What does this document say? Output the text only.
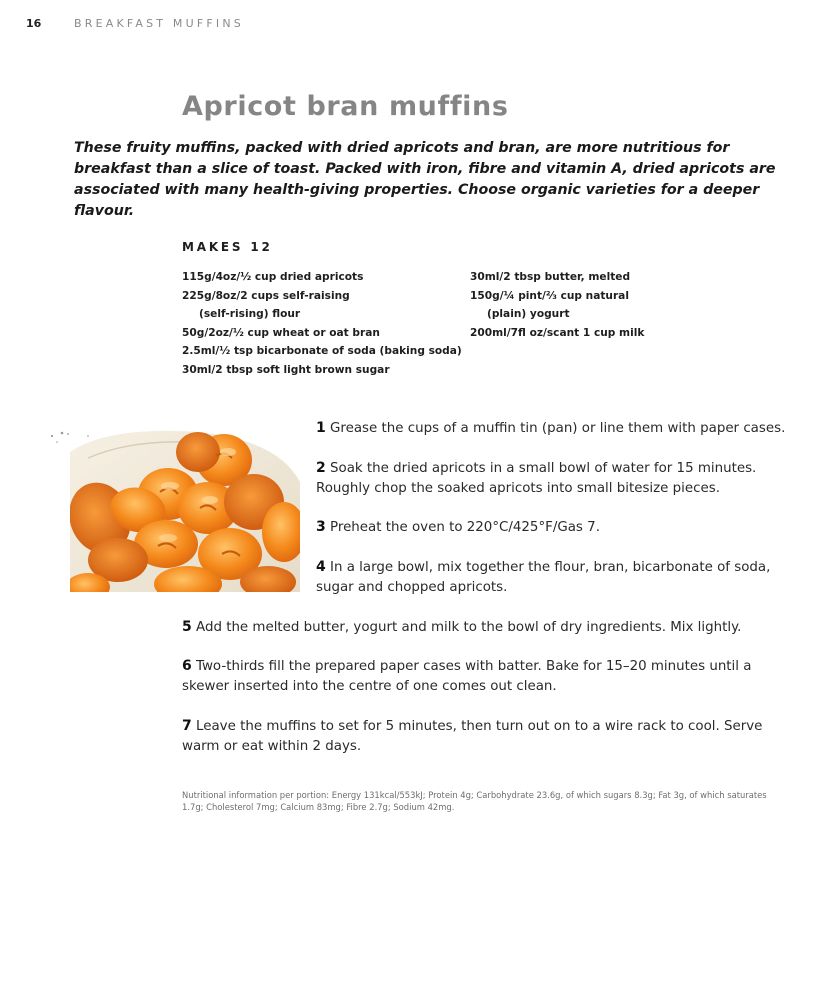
16	BREAKFAST MUFFINS
Apricot bran muffins

These fruity muffins, packed with dried apricots and bran, are more nutritious for breakfast than a slice of toast. Packed with iron, fibre and vitamin A, dried apricots are associated with many health-giving properties. Choose organic varieties for a deeper flavour.

MAKES 12
115g/4oz/½ cup dried apricots
225g/8oz/2 cups self-raising
(self-rising) flour
50g/2oz/½ cup wheat or oat bran
2.5ml/½ tsp bicarbonate of soda (baking soda)
30ml/2 tbsp soft light brown sugar
30ml/2 tbsp butter, melted
150g/¼ pint/⅔ cup natural
(plain) yogurt
200ml/7fl oz/scant 1 cup milk
1 Grease the cups of a muffin tin (pan) or line them with paper cases.
2 Soak the dried apricots in a small bowl of water for 15 minutes. Roughly chop the soaked apricots into small bitesize pieces.
3 Preheat the oven to 220°C/425°F/Gas 7.
4 In a large bowl, mix together the flour, bran, bicarbonate of soda, sugar and chopped apricots.
5 Add the melted butter, yogurt and milk to the bowl of dry ingredients. Mix lightly.
6 Two-thirds fill the prepared paper cases with batter. Bake for 15–20 minutes until a skewer inserted into the centre of one comes out clean.
7 Leave the muffins to set for 5 minutes, then turn out on to a wire rack to cool. Serve warm or eat within 2 days.

Nutritional information per portion: Energy 131kcal/553kJ; Protein 4g; Carbohydrate 23.6g, of which sugars 8.3g; Fat 3g, of which saturates 1.7g; Cholesterol 7mg; Calcium 83mg; Fibre 2.7g; Sodium 42mg.
